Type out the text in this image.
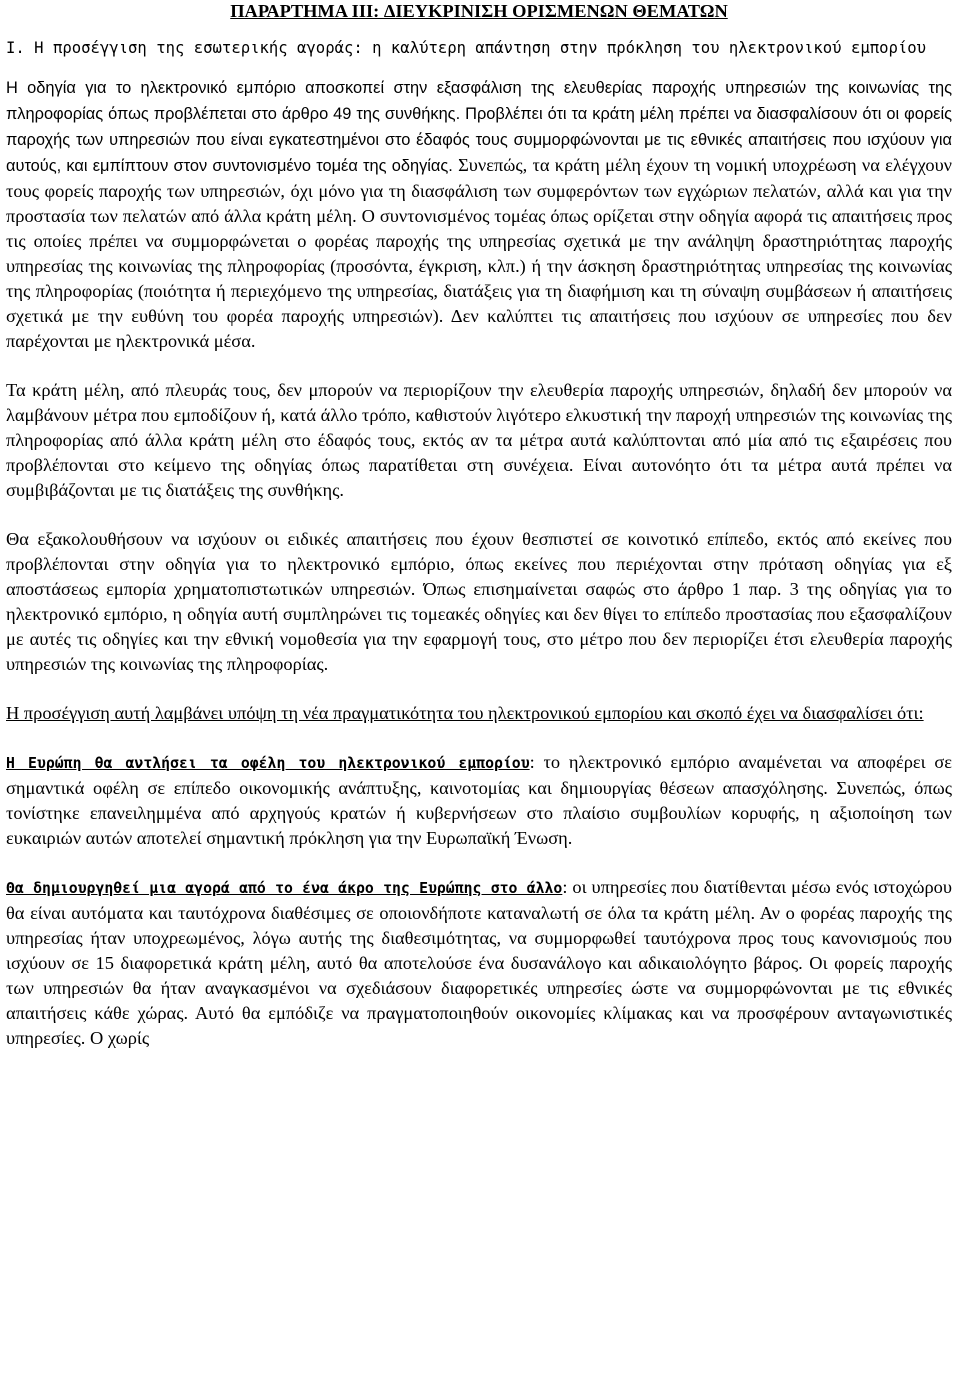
ΠΑΡΑΡΤΗΜΑ III: ΔΙΕΥΚΡΙΝΙΣΗ ΟΡΙΣΜΕΝΩΝ ΘΕΜΑΤΩΝ
I. Η προσέγγιση της εσωτερικής αγοράς: η καλύτερη απάντηση στην πρόκληση του ηλεκτρονικού εμπορίου

Η οδηγία για το ηλεκτρονικό εμπόριο αποσκοπεί στην εξασφάλιση της ελευθερίας παροχής υπηρεσιών της κοινωνίας της πληροφορίας όπως προβλέπεται στο άρθρο 49 της συνθήκης. Προβλέπει ότι τα κράτη μέλη πρέπει να διασφαλίσουν ότι οι φορείς παροχής των υπηρεσιών που είναι εγκατεστημένοι στο έδαφός τους συμμορφώνονται με τις εθνικές απαιτήσεις που ισχύουν για αυτούς, και εμπίπτουν στον συντονισμένο τομέα της οδηγίας. Συνεπώς, τα κράτη μέλη έχουν τη νομική υποχρέωση να ελέγχουν τους φορείς παροχής των υπηρεσιών, όχι μόνο για τη διασφάλιση των συμφερόντων των εγχώριων πελατών, αλλά και για την προστασία των πελατών από άλλα κράτη μέλη. Ο συντονισμένος τομέας όπως ορίζεται στην οδηγία αφορά τις απαιτήσεις προς τις οποίες πρέπει να συμμορφώνεται ο φορέας παροχής της υπηρεσίας σχετικά με την ανάληψη δραστηριότητας παροχής υπηρεσίας της κοινωνίας της πληροφορίας (προσόντα, έγκριση, κλπ.) ή την άσκηση δραστηριότητας υπηρεσίας της κοινωνίας της πληροφορίας (ποιότητα ή περιεχόμενο της υπηρεσίας, διατάξεις για τη διαφήμιση και τη σύναψη συμβάσεων ή απαιτήσεις σχετικά με την ευθύνη του φορέα παροχής υπηρεσιών). Δεν καλύπτει τις απαιτήσεις που ισχύουν σε υπηρεσίες που δεν παρέχονται με ηλεκτρονικά μέσα.

Τα κράτη μέλη, από πλευράς τους, δεν μπορούν να περιορίζουν την ελευθερία παροχής υπηρεσιών, δηλαδή δεν μπορούν να λαμβάνουν μέτρα που εμποδίζουν ή, κατά άλλο τρόπο, καθιστούν λιγότερο ελκυστική την παροχή υπηρεσιών της κοινωνίας της πληροφορίας από άλλα κράτη μέλη στο έδαφός τους, εκτός αν τα μέτρα αυτά καλύπτονται από μία από τις εξαιρέσεις που προβλέπονται στο κείμενο της οδηγίας όπως παρατίθεται στη συνέχεια. Είναι αυτονόητο ότι τα μέτρα αυτά πρέπει να συμβιβάζονται με τις διατάξεις της συνθήκης.

Θα εξακολουθήσουν να ισχύουν οι ειδικές απαιτήσεις που έχουν θεσπιστεί σε κοινοτικό επίπεδο, εκτός από εκείνες που προβλέπονται στην οδηγία για το ηλεκτρονικό εμπόριο, όπως εκείνες που περιέχονται στην πρόταση οδηγίας για εξ αποστάσεως εμπορία χρηματοπιστωτικών υπηρεσιών. Όπως επισημαίνεται σαφώς στο άρθρο 1 παρ. 3 της οδηγίας για το ηλεκτρονικό εμπόριο, η οδηγία αυτή συμπληρώνει τις τομεακές οδηγίες και δεν θίγει το επίπεδο προστασίας που εξασφαλίζουν με αυτές τις οδηγίες και την εθνική νομοθεσία για την εφαρμογή τους, στο μέτρο που δεν περιορίζει έτσι ελευθερία παροχής υπηρεσιών της κοινωνίας της πληροφορίας.

Η προσέγγιση αυτή λαμβάνει υπόψη τη νέα πραγματικότητα του ηλεκτρονικού εμπορίου και σκοπό έχει να διασφαλίσει ότι:

Η Ευρώπη θα αντλήσει τα οφέλη του ηλεκτρονικού εμπορίου: το ηλεκτρονικό εμπόριο αναμένεται να αποφέρει σε σημαντικά οφέλη σε επίπεδο οικονομικής ανάπτυξης, καινοτομίας και δημιουργίας θέσεων απασχόλησης. Συνεπώς, όπως τονίστηκε επανειλημμένα από αρχηγούς κρατών ή κυβερνήσεων στο πλαίσιο συμβουλίων κορυφής, η αξιοποίηση των ευκαιριών αυτών αποτελεί σημαντική πρόκληση για την Ευρωπαϊκή Ένωση.

Θα δημιουργηθεί μια αγορά από το ένα άκρο της Ευρώπης στο άλλο: οι υπηρεσίες που διατίθενται μέσω ενός ιστοχώρου θα είναι αυτόματα και ταυτόχρονα διαθέσιμες σε οποιονδήποτε καταναλωτή σε όλα τα κράτη μέλη. Αν ο φορέας παροχής της υπηρεσίας ήταν υποχρεωμένος, λόγω αυτής της διαθεσιμότητας, να συμμορφωθεί ταυτόχρονα προς τους κανονισμούς που ισχύουν σε 15 διαφορετικά κράτη μέλη, αυτό θα αποτελούσε ένα δυσανάλογο και αδικαιολόγητο βάρος. Οι φορείς παροχής των υπηρεσιών θα ήταν αναγκασμένοι να σχεδιάσουν διαφορετικές υπηρεσίες ώστε να συμμορφώνονται με τις εθνικές απαιτήσεις κάθε χώρας. Αυτό θα εμπόδιζε να πραγματοποιηθούν οικονομίες κλίμακας και να προσφέρουν ανταγωνιστικές υπηρεσίες. Ο χωρίς
